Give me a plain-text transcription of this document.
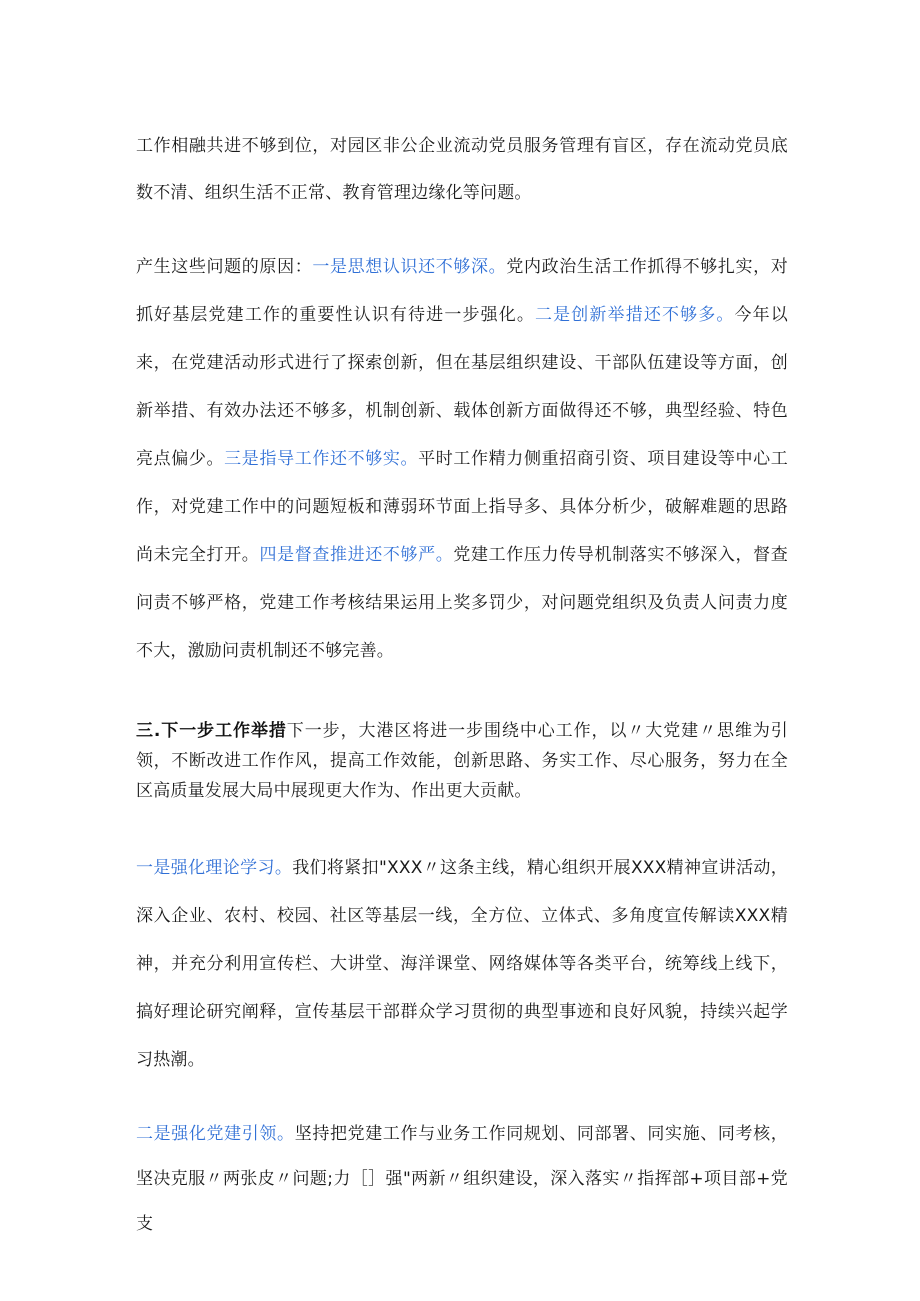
工作相融共进不够到位，对园区非公企业流动党员服务管理有盲区，存在流动党员底数不清、组织生活不正常、教育管理边缘化等问题。

产生这些问题的原因：一是思想认识还不够深。党内政治生活工作抓得不够扎实，对抓好基层党建工作的重要性认识有待进一步强化。二是创新举措还不够多。今年以来，在党建活动形式进行了探索创新，但在基层组织建设、干部队伍建设等方面，创新举措、有效办法还不够多，机制创新、载体创新方面做得还不够，典型经验、特色亮点偏少。三是指导工作还不够实。平时工作精力侧重招商引资、项目建设等中心工作，对党建工作中的问题短板和薄弱环节面上指导多、具体分析少，破解难题的思路尚未完全打开。四是督查推进还不够严。党建工作压力传导机制落实不够深入，督查问责不够严格，党建工作考核结果运用上奖多罚少，对问题党组织及负责人问责力度不大，激励问责机制还不够完善。

三.下一步工作举措下一步，大港区将进一步围绕中心工作，以〃大党建〃思维为引领，不断改进工作作风，提高工作效能，创新思路、务实工作、尽心服务，努力在全区高质量发展大局中展现更大作为、作出更大贡献。

一是强化理论学习。我们将紧扣"XXX〃这条主线，精心组织开展XXX精神宣讲活动，深入企业、农村、校园、社区等基层一线，全方位、立体式、多角度宣传解读XXX精神，并充分利用宣传栏、大讲堂、海洋课堂、网络媒体等各类平台，统筹线上线下，搞好理论研究阐释，宣传基层干部群众学习贯彻的典型事迹和良好风貌，持续兴起学习热潮。

二是强化党建引领。坚持把党建工作与业务工作同规划、同部署、同实施、同考核，坚决克服〃两张皮〃问题;力［］强"两新〃组织建设，深入落实〃指挥部+项目部+党支
